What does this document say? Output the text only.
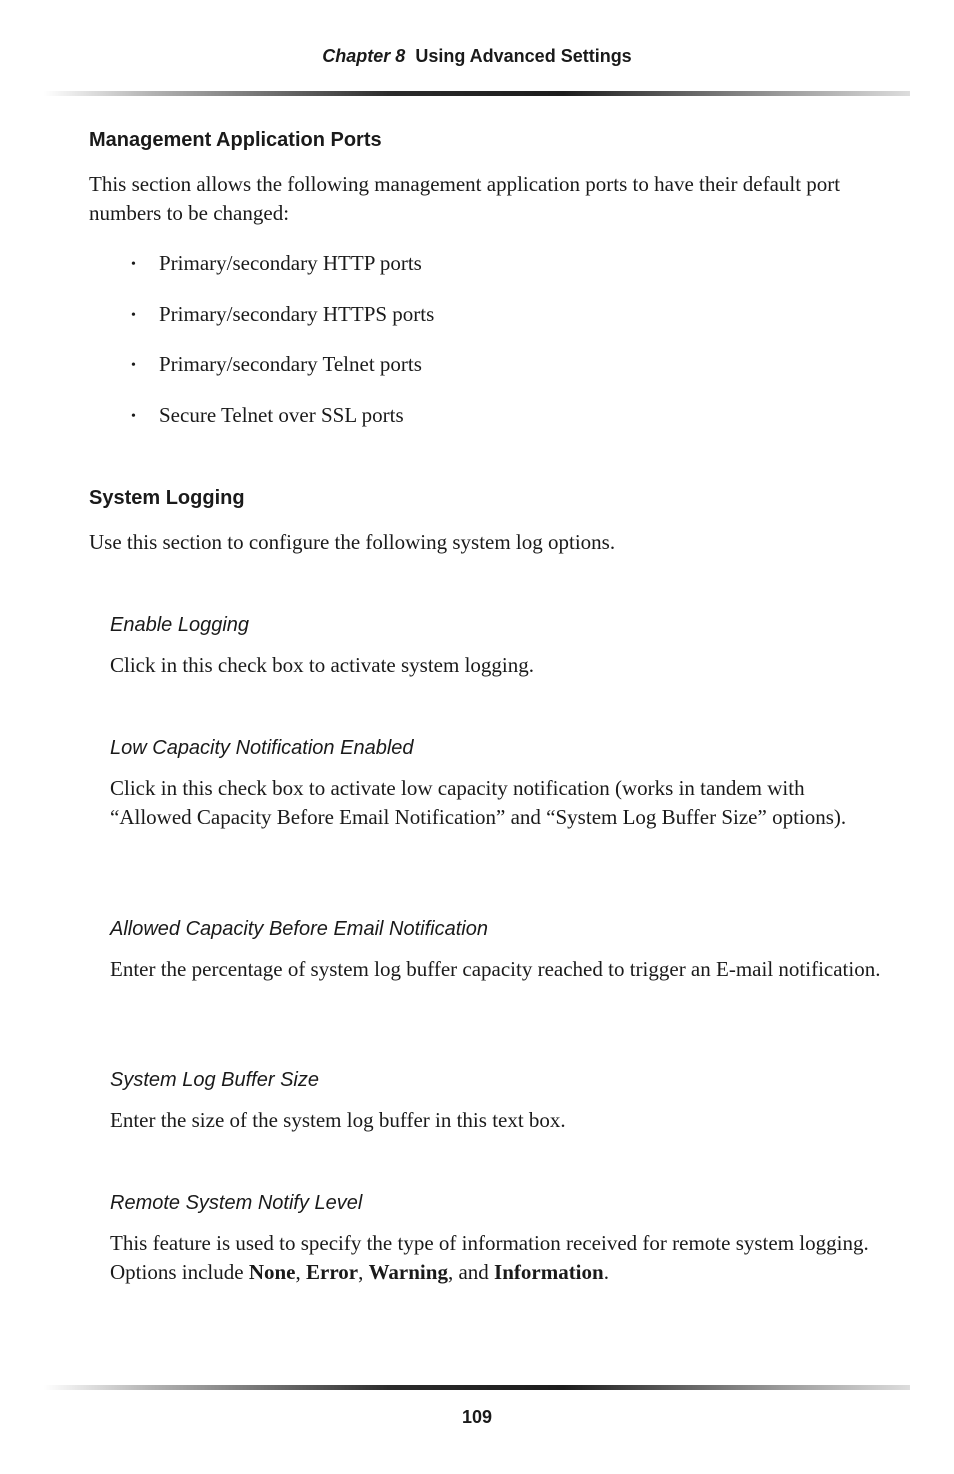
Chapter 8 Using Advanced Settings
Management Application Ports

This section allows the following management application ports to have their default port numbers to be changed:

• Primary/secondary HTTP ports
• Primary/secondary HTTPS ports
• Primary/secondary Telnet ports
• Secure Telnet over SSL ports
System Logging

Use this section to configure the following system log options.

Enable Logging

Click in this check box to activate system logging.

Low Capacity Notification Enabled

Click in this check box to activate low capacity notification (works in tandem with “Allowed Capacity Before Email Notification” and “System Log Buffer Size” options).

Allowed Capacity Before Email Notification

Enter the percentage of system log buffer capacity reached to trigger an E-mail notification.

System Log Buffer Size

Enter the size of the system log buffer in this text box.

Remote System Notify Level

This feature is used to specify the type of information received for remote system logging. Options include None, Error, Warning, and Information.

109
